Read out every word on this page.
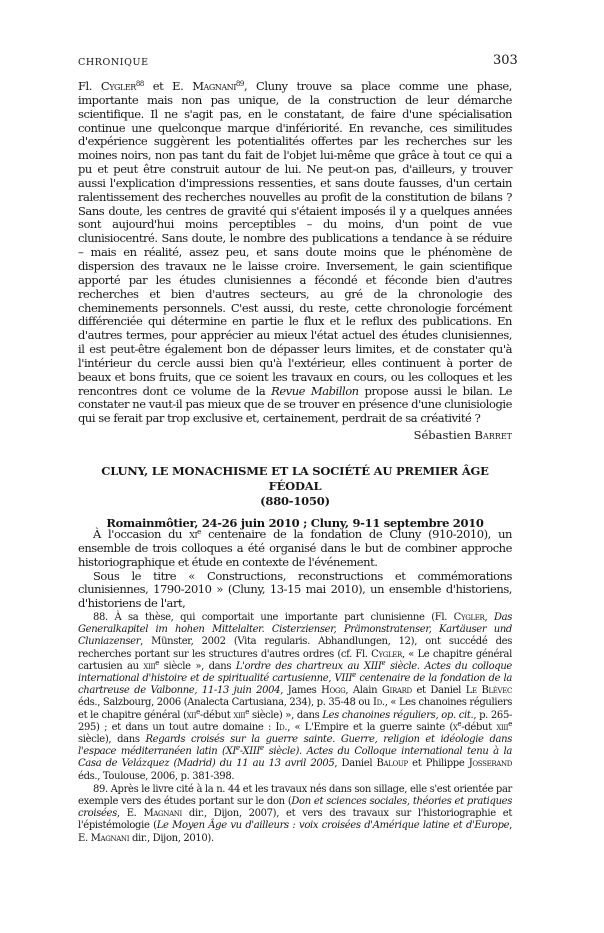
CHRONIQUE	303

Fl. Cygler$^{88}$ et E. Magnani$^{89}$, Cluny trouve sa place comme une phase, importante mais non pas unique, de la construction de leur démarche scientifique. Il ne s'agit pas, en le constatant, de faire d'une spécialisation continue une quelconque marque d'infériorité. En revanche, ces similitudes d'expérience suggèrent les potentialités offertes par les recherches sur les moines noirs, non pas tant du fait de l'objet lui-même que grâce à tout ce qui a pu et peut être construit autour de lui. Ne peut-on pas, d'ailleurs, y trouver aussi l'explication d'impressions ressenties, et sans doute fausses, d'un certain ralentissement des recherches nouvelles au profit de la constitution de bilans ? Sans doute, les centres de gravité qui s'étaient imposés il y a quelques années sont aujourd'hui moins perceptibles – du moins, d'un point de vue clunisiocentré. Sans doute, le nombre des publications a tendance à se réduire – mais en réalité, assez peu, et sans doute moins que le phénomène de dispersion des travaux ne le laisse croire. Inversement, le gain scientifique apporté par les études clunisiennes a fécondé et féconde bien d'autres recherches et bien d'autres secteurs, au gré de la chronologie des cheminements personnels. C'est aussi, du reste, cette chronologie forcément différenciée qui détermine en partie le flux et le reflux des publications. En d'autres termes, pour apprécier au mieux l'état actuel des études clunisiennes, il est peut-être également bon de dépasser leurs limites, et de constater qu'à l'intérieur du cercle aussi bien qu'à l'extérieur, elles continuent à porter de beaux et bons fruits, que ce soient les travaux en cours, ou les colloques et les rencontres dont ce volume de la Revue Mabillon propose aussi le bilan. Le constater ne vaut-il pas mieux que de se trouver en présence d'une clunisiologie qui se ferait par trop exclusive et, certainement, perdrait de sa créativité ?

Sébastien Barret
CLUNY, LE MONACHISME ET LA SOCIÉTÉ AU PREMIER ÂGE FÉODAL
(880-1050)
Romainmôtier, 24-26 juin 2010 ; Cluny, 9-11 septembre 2010

À l'occasion du $xi^e$ centenaire de la fondation de Cluny (910-2010), un ensemble de trois colloques a été organisé dans le but de combiner approche historiographique et étude en contexte de l'événement.

Sous le titre « Constructions, reconstructions et commémorations clunisiennes, 1790-2010 » (Cluny, 13-15 mai 2010), un ensemble d'historiens, d'historiens de l'art,

88. À sa thèse, qui comportait une importante part clunisienne (Fl. Cygler, Das Generalkapitel im hohen Mittelalter. Cisterzienser, Prämonstratenser, Kartäuser und Cluniazenser, Münster, 2002 (Vita regularis. Abhandlungen, 12), ont succédé des recherches portant sur les structures d'autres ordres (cf. Fl. Cygler, « Le chapitre général cartusien au xiii$^e$ siècle », dans L'ordre des chartreux au XIIIe siècle. Actes du colloque international d'histoire et de spiritualité cartusienne, VIIIe centenaire de la fondation de la chartreuse de Valbonne, 11-13 juin 2004, James Hogg, Alain Girard et Daniel Le Blévec éds., Salzbourg, 2006 (Analecta Cartusiana, 234), p. 35-48 ou Id., « Les chanoines réguliers et le chapitre général (xii$^e$-début xiii$^e$ siècle) », dans Les chanoines réguliers, op. cit., p. 265-295) ; et dans un tout autre domaine : Id., « L'Empire et la guerre sainte ($x^e$-début xiii$^e$ siècle), dans Regards croisés sur la guerre sainte. Guerre, religion et idéologie dans l'espace méditerranéen latin (XIe-XIIIe siècle). Actes du Colloque international tenu à la Casa de Velázquez (Madrid) du 11 au 13 avril 2005, Daniel Baloup et Philippe Josserand éds., Toulouse, 2006, p. 381-398.

89. Après le livre cité à la n. 44 et les travaux nés dans son sillage, elle s'est orientée par exemple vers des études portant sur le don (Don et sciences sociales, théories et pratiques croisées, E. Magnani dir., Dijon, 2007), et vers des travaux sur l'historiographie et l'épistémologie (Le Moyen Âge vu d'ailleurs : voix croisées d'Amérique latine et d'Europe, E. Magnani dir., Dijon, 2010).
